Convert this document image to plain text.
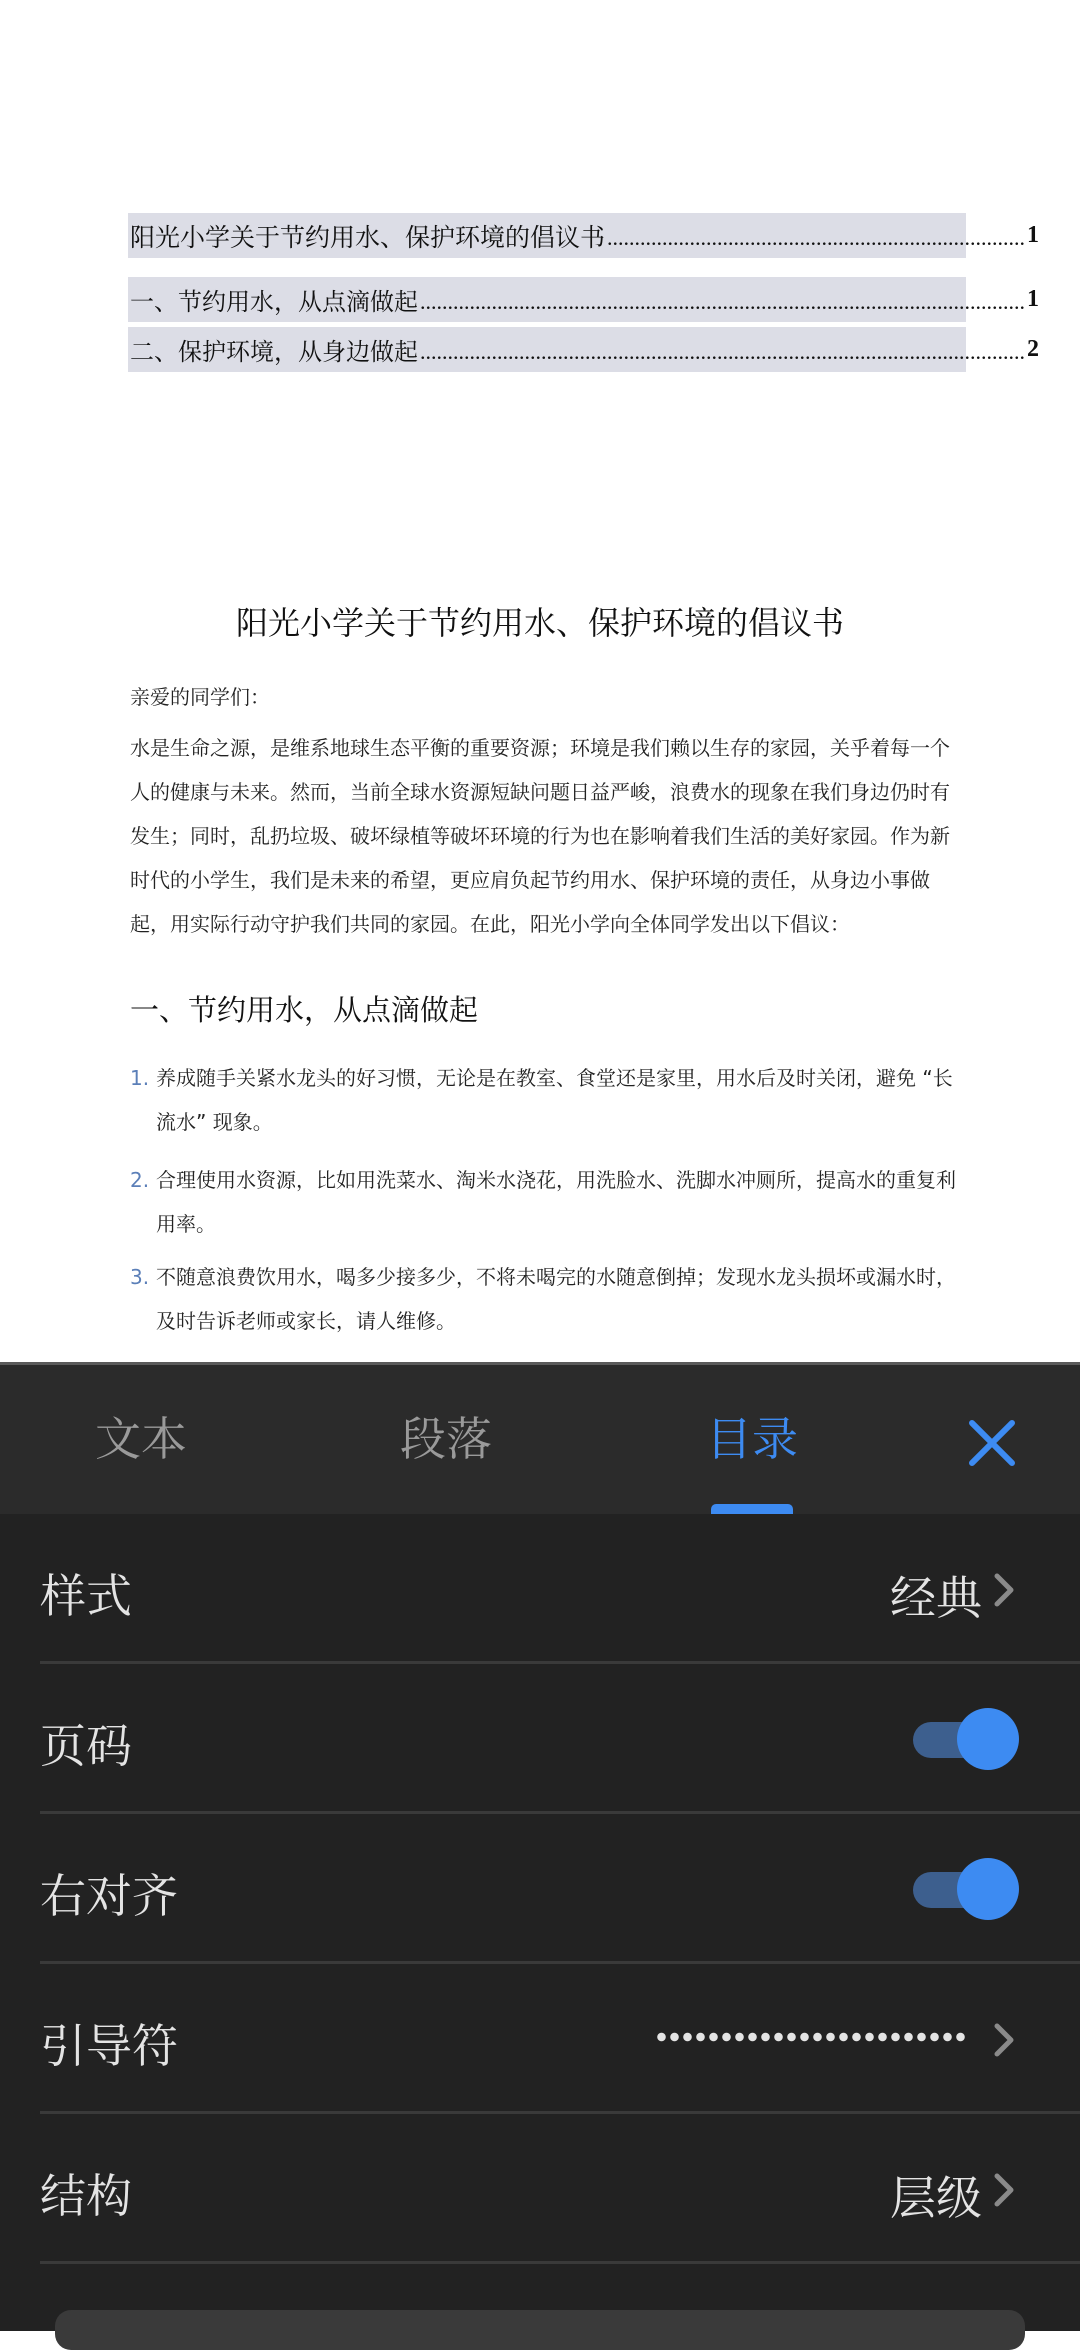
阳光小学关于节约用水、保护环境的倡议书 ............................................................................ 1
一、节约用水，从点滴做起 .............................................................................................................. 1
二、保护环境，从身边做起 .............................................................................................................. 2
阳光小学关于节约用水、保护环境的倡议书
亲爱的同学们：
水是生命之源，是维系地球生态平衡的重要资源；环境是我们赖以生存的家园，关乎着每一个人的健康与未来。然而，当前全球水资源短缺问题日益严峻，浪费水的现象在我们身边仍时有发生；同时，乱扔垃圾、破坏绿植等破坏环境的行为也在影响着我们生活的美好家园。作为新时代的小学生，我们是未来的希望，更应肩负起节约用水、保护环境的责任，从身边小事做起，用实际行动守护我们共同的家园。在此，阳光小学向全体同学发出以下倡议：
一、节约用水，从点滴做起
1. 养成随手关紧水龙头的好习惯，无论是在教室、食堂还是家里，用水后及时关闭，避免 “长流水” 现象。
2. 合理使用水资源，比如用洗菜水、淘米水浇花，用洗脸水、洗脚水冲厕所，提高水的重复利用率。
3. 不随意浪费饮用水，喝多少接多少，不将未喝完的水随意倒掉；发现水龙头损坏或漏水时，及时告诉老师或家长，请人维修。
文本	段落	目录
样式	经典
页码
右对齐
引导符
结构	层级
